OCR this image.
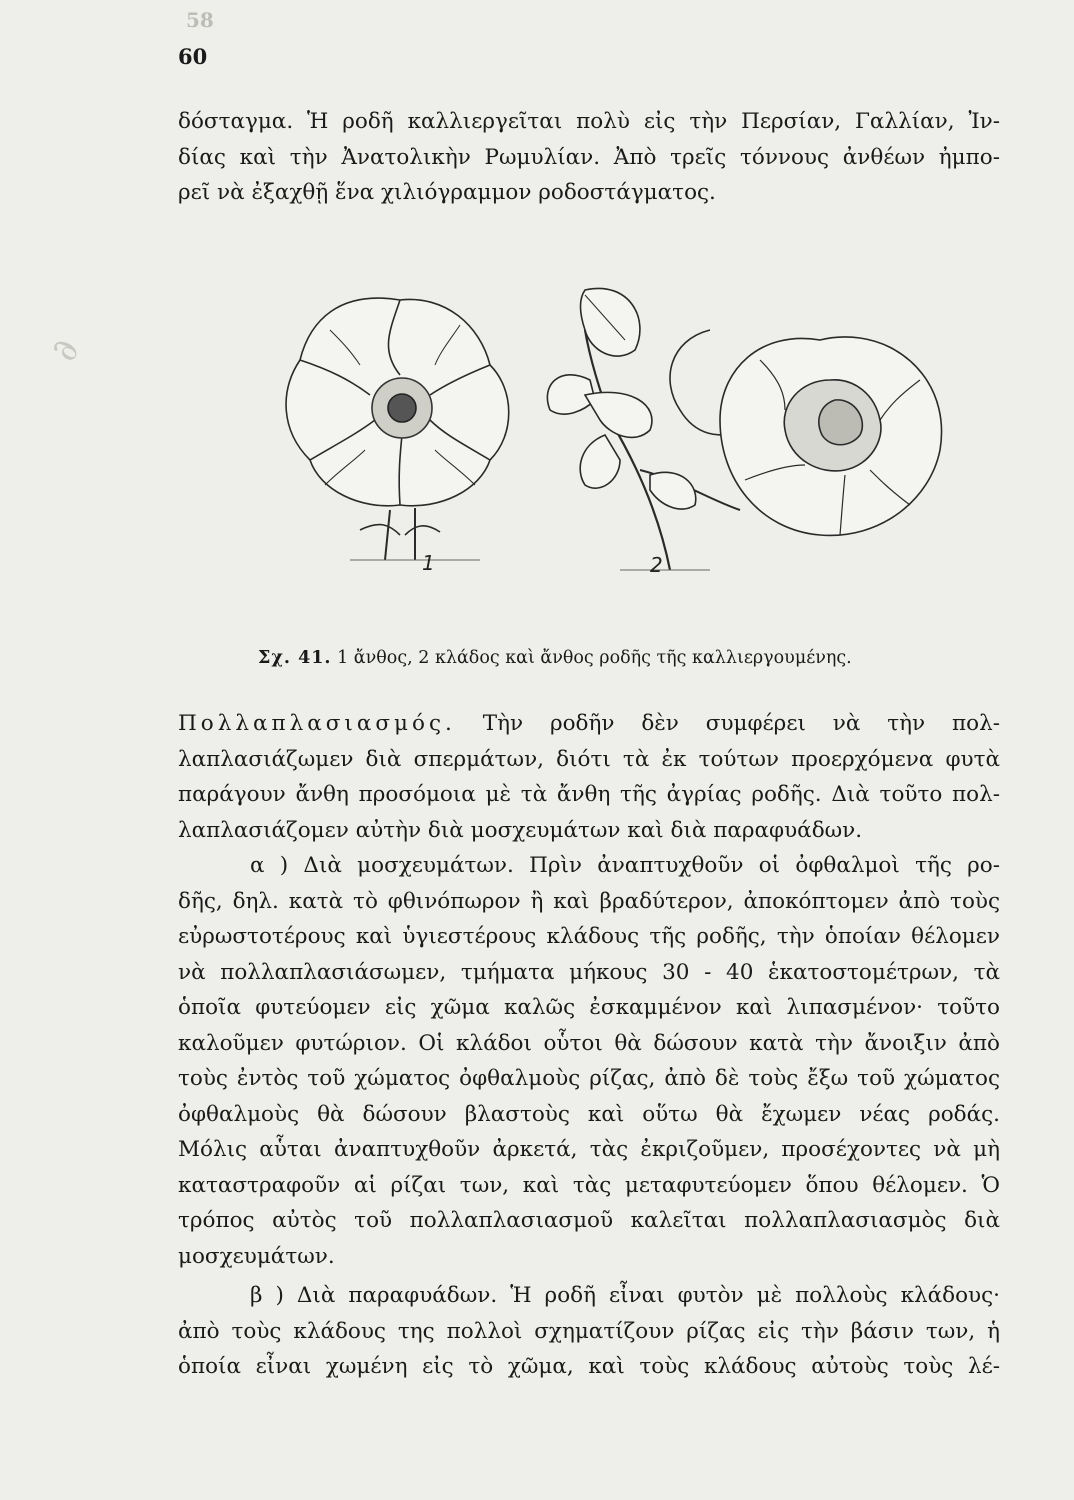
58
60
δόσταγμα. Ἡ ροδῆ καλλιεργεῖται πολὺ εἰς τὴν Περσίαν, Γαλλίαν, Ἰν-
δίας καὶ τὴν Ἀνατολικὴν Ρωμυλίαν. Ἀπὸ τρεῖς τόννους ἀνθέων ἠμπο-
ρεῖ νὰ ἐξαχθῇ ἕνα χιλιόγραμμον ροδοστάγματος.
∂
1	2
Σχ. 41. 1 ἄνθος, 2 κλάδος καὶ ἄνθος ροδῆς τῆς καλλιεργουμένης.
Πολλαπλασιασμός. Τὴν ροδῆν δὲν συμφέρει νὰ τὴν πολ-
λαπλασιάζωμεν διὰ σπερμάτων, διότι τὰ ἐκ τούτων προερχόμενα φυτὰ
παράγουν ἄνθη προσόμοια μὲ τὰ ἄνθη τῆς ἀγρίας ροδῆς. Διὰ τοῦτο πολ-
λαπλασιάζομεν αὐτὴν διὰ μοσχευμάτων καὶ διὰ παραφυάδων.
α ) Διὰ μοσχευμάτων. Πρὶν ἀναπτυχθοῦν οἱ ὀφθαλμοὶ τῆς ρο-
δῆς, δηλ. κατὰ τὸ φθινόπωρον ἢ καὶ βραδύτερον, ἀποκόπτομεν ἀπὸ τοὺς
εὐρωστοτέρους καὶ ὑγιεστέρους κλάδους τῆς ροδῆς, τὴν ὁποίαν θέλομεν
νὰ πολλαπλασιάσωμεν, τμήματα μήκους 30 - 40 ἑκατοστομέτρων, τὰ
ὁποῖα φυτεύομεν εἰς χῶμα καλῶς ἐσκαμμένον καὶ λιπασμένον· τοῦτο
καλοῦμεν φυτώριον. Οἱ κλάδοι οὗτοι θὰ δώσουν κατὰ τὴν ἄνοιξιν ἀπὸ
τοὺς ἐντὸς τοῦ χώματος ὀφθαλμοὺς ρίζας, ἀπὸ δὲ τοὺς ἔξω τοῦ χώματος
ὀφθαλμοὺς θὰ δώσουν βλαστοὺς καὶ οὕτω θὰ ἔχωμεν νέας ροδάς.
Μόλις αὗται ἀναπτυχθοῦν ἀρκετά, τὰς ἐκριζοῦμεν, προσέχοντες νὰ μὴ
καταστραφοῦν αἱ ρίζαι των, καὶ τὰς μεταφυτεύομεν ὅπου θέλομεν. Ὁ
τρόπος αὐτὸς τοῦ πολλαπλασιασμοῦ καλεῖται πολλαπλασιασμὸς διὰ
μοσχευμάτων.
β ) Διὰ παραφυάδων. Ἡ ροδῆ εἶναι φυτὸν μὲ πολλοὺς κλάδους·
ἀπὸ τοὺς κλάδους της πολλοὶ σχηματίζουν ρίζας εἰς τὴν βάσιν των, ἡ
ὁποία εἶναι χωμένη εἰς τὸ χῶμα, καὶ τοὺς κλάδους αὐτοὺς τοὺς λέ-
